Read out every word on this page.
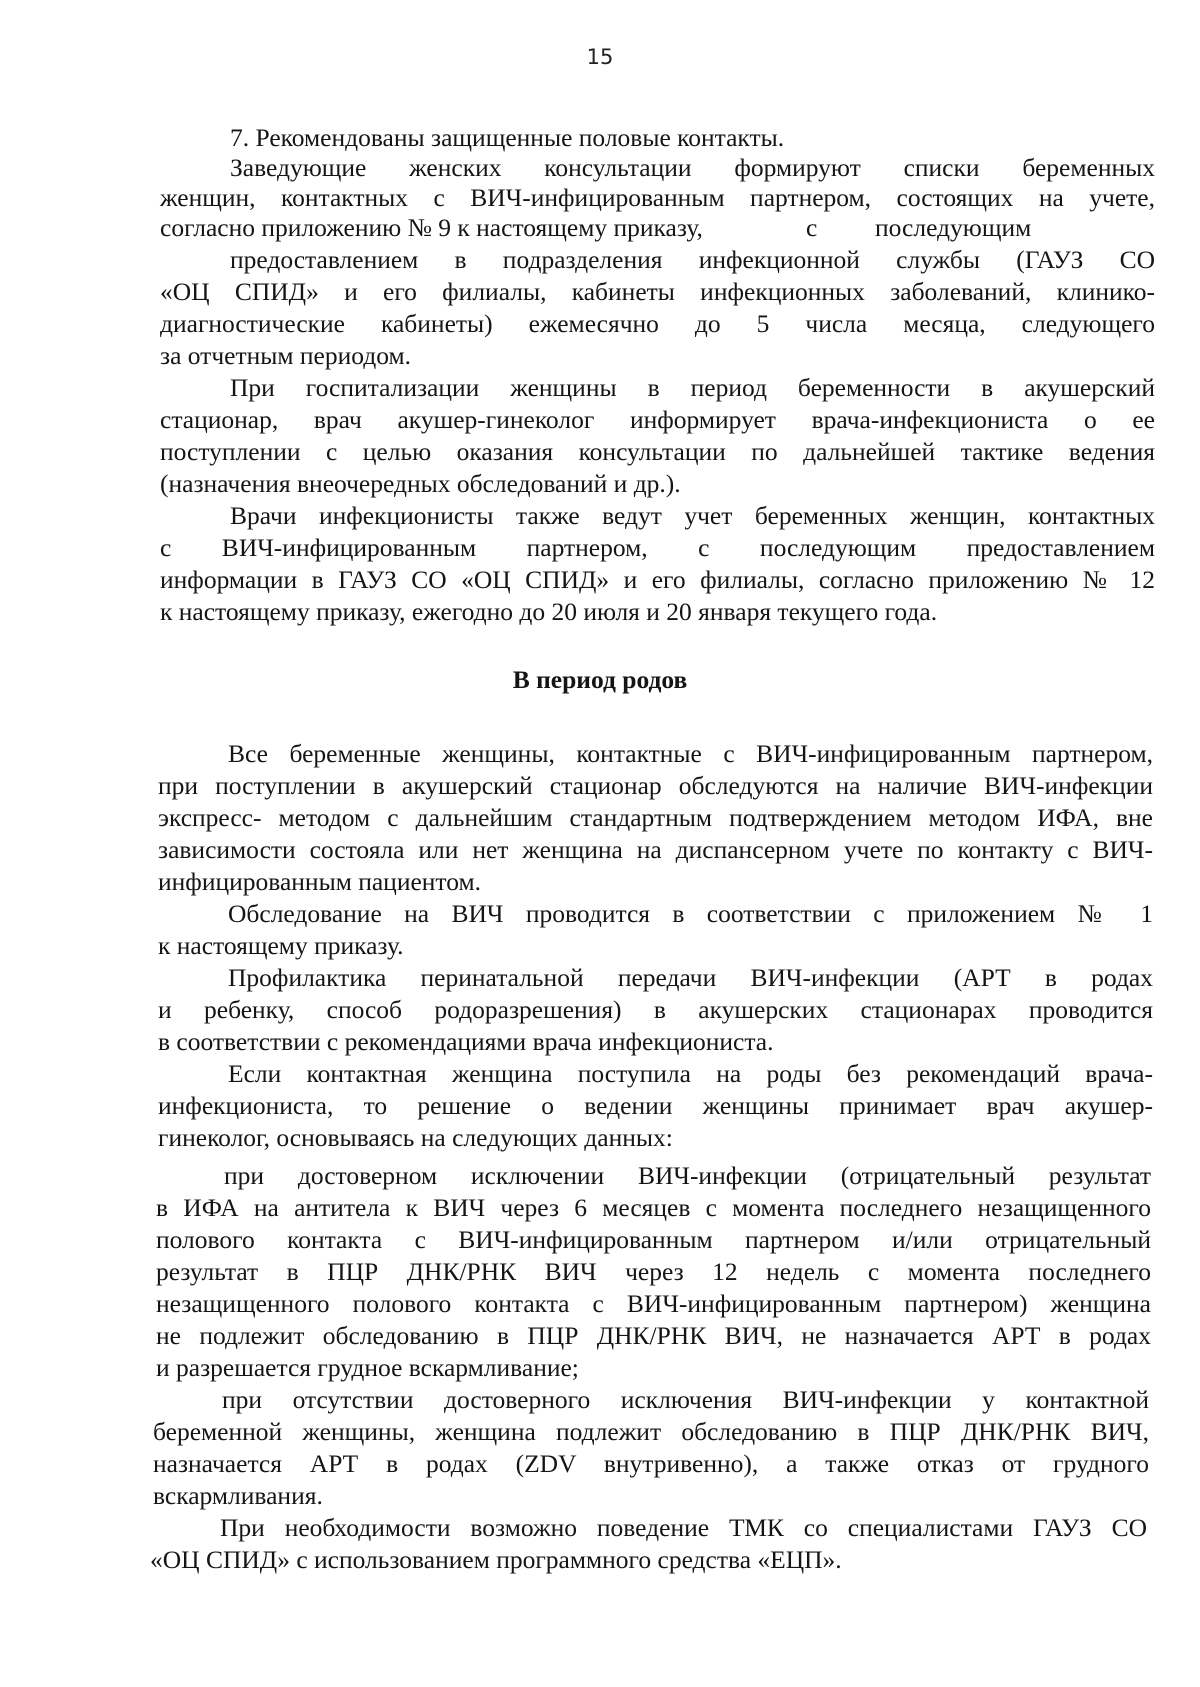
15
7. Рекомендованы защищенные половые контакты.
Заведующие женских консультации формируют списки беременных
женщин, контактных с ВИЧ-инфицированным партнером, состоящих на учете,
согласно приложению № 9 к настоящему приказу,	с последующим
предоставлением в подразделения инфекционной службы (ГАУЗ СО
«ОЦ СПИД» и его филиалы, кабинеты инфекционных заболеваний, клинико-
диагностические кабинеты) ежемесячно до 5 числа месяца, следующего
за отчетным периодом.
При госпитализации женщины в период беременности в акушерский
стационар, врач акушер-гинеколог информирует врача-инфекциониста о ее
поступлении с целью оказания консультации по дальнейшей тактике ведения
(назначения внеочередных обследований и др.).
Врачи инфекционисты также ведут учет беременных женщин, контактных
с ВИЧ-инфицированным партнером, с последующим предоставлением
информации в ГАУЗ СО «ОЦ СПИД» и его филиалы, согласно приложению № 12
к настоящему приказу, ежегодно до 20 июля и 20 января текущего года.
В период родов
Все беременные женщины, контактные с ВИЧ-инфицированным партнером,
при поступлении в акушерский стационар обследуются на наличие ВИЧ-инфекции
экспресс- методом с дальнейшим стандартным подтверждением методом ИФА, вне
зависимости состояла или нет женщина на диспансерном учете по контакту с ВИЧ-
инфицированным пациентом.
Обследование на ВИЧ проводится в соответствии с приложением № 1
к настоящему приказу.
Профилактика перинатальной передачи ВИЧ-инфекции (АРТ в родах
и ребенку, способ родоразрешения) в акушерских стационарах проводится
в соответствии с рекомендациями врача инфекциониста.
Если контактная женщина поступила на роды без рекомендаций врача-
инфекциониста, то решение о ведении женщины принимает врач акушер-
гинеколог, основываясь на следующих данных:
при достоверном исключении ВИЧ-инфекции (отрицательный результат
в ИФА на антитела к ВИЧ через 6 месяцев с момента последнего незащищенного
полового контакта с ВИЧ-инфицированным партнером и/или отрицательный
результат в ПЦР ДНК/РНК ВИЧ через 12 недель с момента последнего
незащищенного полового контакта с ВИЧ-инфицированным партнером) женщина
не подлежит обследованию в ПЦР ДНК/РНК ВИЧ, не назначается АРТ в родах
и разрешается грудное вскармливание;
при отсутствии достоверного исключения ВИЧ-инфекции у контактной
беременной женщины, женщина подлежит обследованию в ПЦР ДНК/РНК ВИЧ,
назначается АРТ в родах (ZDV внутривенно), а также отказ от грудного
вскармливания.
При необходимости возможно поведение ТМК со специалистами ГАУЗ СО
«ОЦ СПИД» с использованием программного средства «ЕЦП».
